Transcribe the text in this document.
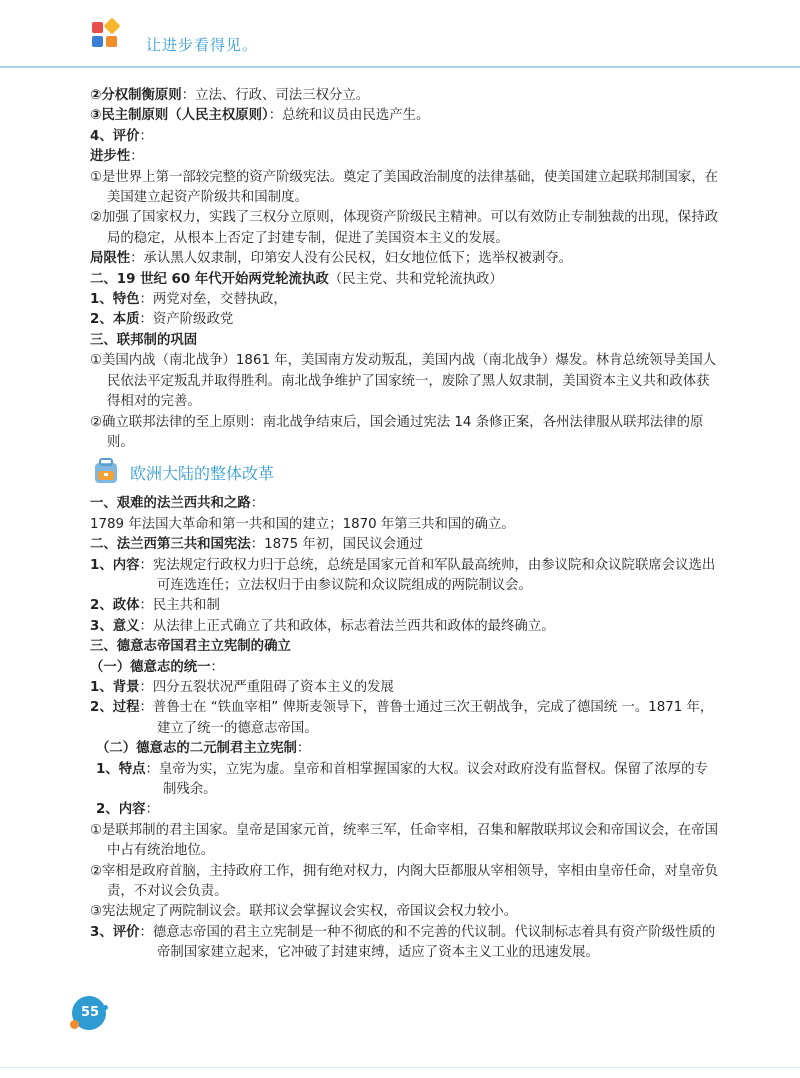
让进步看得见。
②分权制衡原则：立法、行政、司法三权分立。
③民主制原则（人民主权原则）：总统和议员由民选产生。
4、评价：
进步性：
①是世界上第一部较完整的资产阶级宪法。奠定了美国政治制度的法律基础，使美国建立起联邦制国家，在美国建立起资产阶级共和国制度。
②加强了国家权力，实践了三权分立原则，体现资产阶级民主精神。可以有效防止专制独裁的出现，保持政局的稳定，从根本上否定了封建专制，促进了美国资本主义的发展。
局限性：承认黑人奴隶制，印第安人没有公民权，妇女地位低下；选举权被剥夺。
二、19 世纪 60 年代开始两党轮流执政（民主党、共和党轮流执政）
1、特色：两党对垒，交替执政，
2、本质：资产阶级政党
三、联邦制的巩固
①美国内战（南北战争）1861 年，美国南方发动叛乱，美国内战（南北战争）爆发。林肯总统领导美国人民依法平定叛乱并取得胜利。南北战争维护了国家统一，废除了黑人奴隶制，美国资本主义共和政体获得相对的完善。
②确立联邦法律的至上原则：南北战争结束后，国会通过宪法 14 条修正案，各州法律服从联邦法律的原则。
欧洲大陆的整体改革
一、艰难的法兰西共和之路：
1789 年法国大革命和第一共和国的建立；1870 年第三共和国的确立。
二、法兰西第三共和国宪法：1875 年初，国民议会通过
1、内容：宪法规定行政权力归于总统，总统是国家元首和军队最高统帅，由参议院和众议院联席会议选出可连选连任；立法权归于由参议院和众议院组成的两院制议会。
2、政体：民主共和制
3、意义：从法律上正式确立了共和政体，标志着法兰西共和政体的最终确立。
三、德意志帝国君主立宪制的确立
（一）德意志的统一：
1、背景：四分五裂状况严重阻碍了资本主义的发展
2、过程：普鲁士在 “铁血宰相” 俾斯麦领导下，普鲁士通过三次王朝战争，完成了德国统 一。1871 年，建立了统一的德意志帝国。
（二）德意志的二元制君主立宪制：
1、特点：皇帝为实，立宪为虚。皇帝和首相掌握国家的大权。议会对政府没有监督权。保留了浓厚的专制残余。
2、内容：
①是联邦制的君主国家。皇帝是国家元首，统率三军，任命宰相，召集和解散联邦议会和帝国议会，在帝国中占有统治地位。
②宰相是政府首脑，主持政府工作，拥有绝对权力，内阁大臣都服从宰相领导，宰相由皇帝任命，对皇帝负责，不对议会负责。
③宪法规定了两院制议会。联邦议会掌握议会实权，帝国议会权力较小。
3、评价：德意志帝国的君主立宪制是一种不彻底的和不完善的代议制。代议制标志着具有资产阶级性质的帝制国家建立起来，它冲破了封建束缚，适应了资本主义工业的迅速发展。
55
